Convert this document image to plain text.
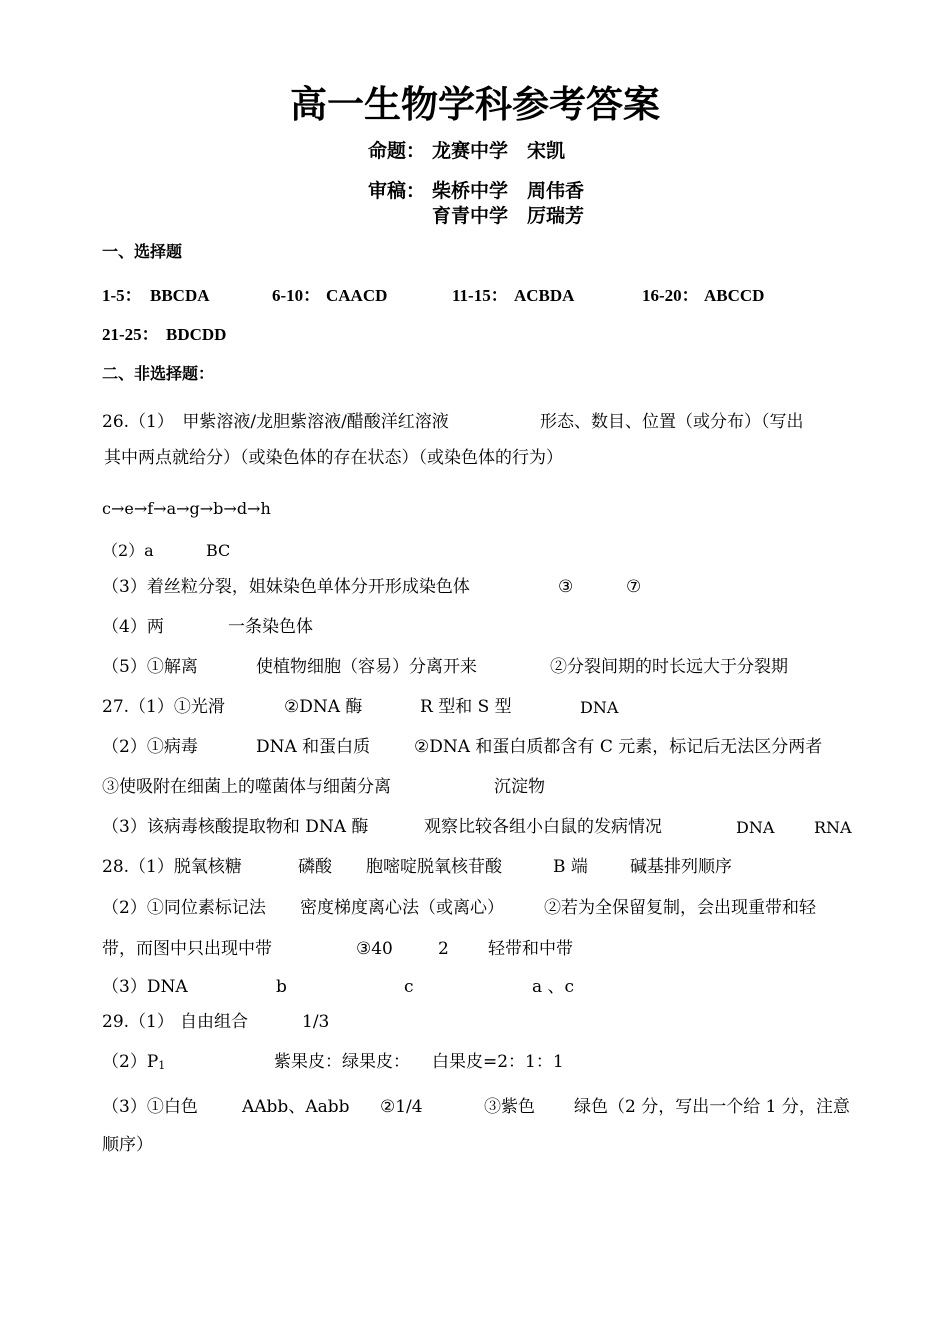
高一生物学科参考答案
命题： 龙赛中学　宋凯
审稿： 柴桥中学　周伟香
育青中学　厉瑞芳
一、选择题
1-5： BBCDA	6-10： CAACD	11-15： ACBDA	16-20： ABCCD
21-25： BDCDD
二、非选择题：
26.（1）　甲紫溶液/龙胆紫溶液/醋酸洋红溶液	形态、数目、位置（或分布）（写出
其中两点就给分）（或染色体的存在状态）（或染色体的行为）
c→e→f→a→g→b→d→h
（2）a	BC
（3）着丝粒分裂，姐妹染色单体分开形成染色体	③	⑦
（4）两	一条染色体
（5）①解离	使植物细胞（容易）分离开来	②分裂间期的时长远大于分裂期
27.（1）①光滑	②DNA 酶	R 型和 S 型	DNA
（2）①病毒	DNA 和蛋白质	②DNA 和蛋白质都含有 C 元素，标记后无法区分两者
③使吸附在细菌上的噬菌体与细菌分离	沉淀物
（3）该病毒核酸提取物和 DNA 酶	观察比较各组小白鼠的发病情况	DNA RNA
28.（1）脱氧核糖	磷酸 胞嘧啶脱氧核苷酸	B 端 碱基排列顺序
（2）①同位素标记法 密度梯度离心法（或离心） ②若为全保留复制，会出现重带和轻
带，而图中只出现中带	③40	2 轻带和中带
（3）DNA	b	c	a 、c
29.（1） 自由组合	1/3
$(2)P_1$	紫果皮：绿果皮： 白果皮=2：1：1
（3）①白色	AAbb、Aabb ②1/4	③紫色 绿色（2 分，写出一个给 1 分，注意
顺序）
